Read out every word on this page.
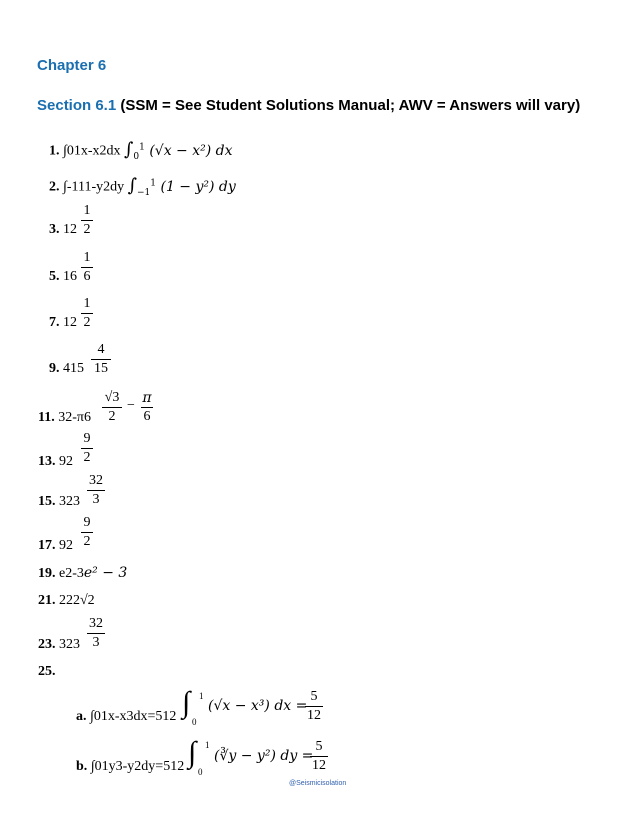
Chapter 6
Section 6.1 (SSM = See Student Solutions Manual; AWV = Answers will vary)
1. ∫01x-x2dx $\int_0^1$ (√x − x²) dx
2. ∫-111-y2dy $\int_{-1}^1$ (1 − y²) dy
3. 12
1
2
5. 16
1
6
7. 12
1
2
9. 415
4
15
11. 32-π6
√3
2
− π
6
13. 92
9
2
15. 323
32
3
17. 92
9
2
19. e2-3e² − 3
21. 222√2
23. 323
32
3
25.
a. ∫01x-x3dx=512 ∫ 1
0
(√x − x³) dx =
5
12
b. ∫01y3-y2dy=512 ∫ 1
0
(∛y − y²) dy =
5
12
@Seismicisolation
